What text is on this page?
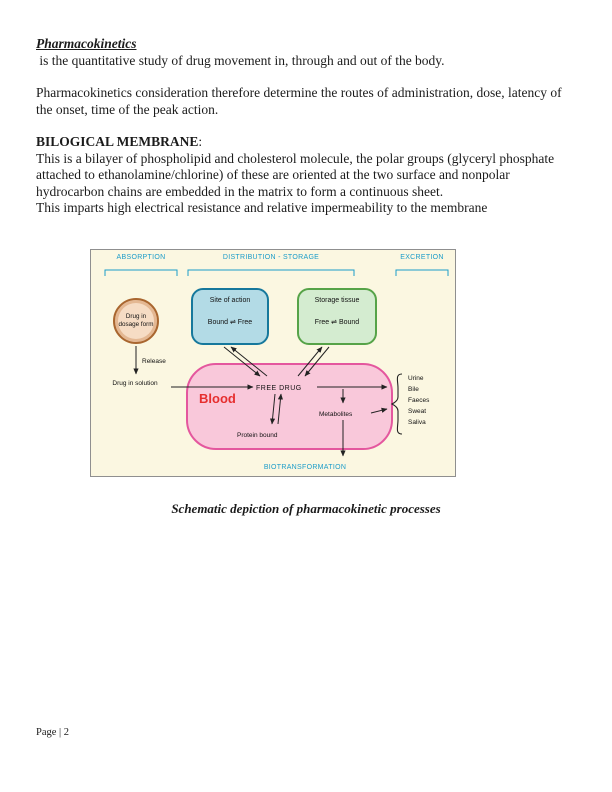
Pharmacokinetics
is the quantitative study of drug movement in, through and out of the body.

Pharmacokinetics consideration therefore determine the routes of administration, dose, latency of the onset, time of the peak action.

BILOGICAL MEMBRANE:

This is a bilayer of phospholipid and cholesterol molecule, the polar groups (glyceryl phosphate attached to ethanolamine/chlorine) of these are oriented at the two surface and nonpolar hydrocarbon chains are embedded in the matrix to form a continuous sheet.

This imparts high electrical resistance and relative impermeability to the membrane

Drug in dosage form
Site of action
Bound ⇌ Free
Storage tissue
Free ⇌ Bound
ABSORPTION	DISTRIBUTION - STORAGE	EXCRETION
Release
Drug in solution
Blood
FREE DRUG
Protein bound
Metabolites
Urine
Bile
Faeces
Sweat
Saliva
BIOTRANSFORMATION
Schematic depiction of pharmacokinetic processes
Page | 2
